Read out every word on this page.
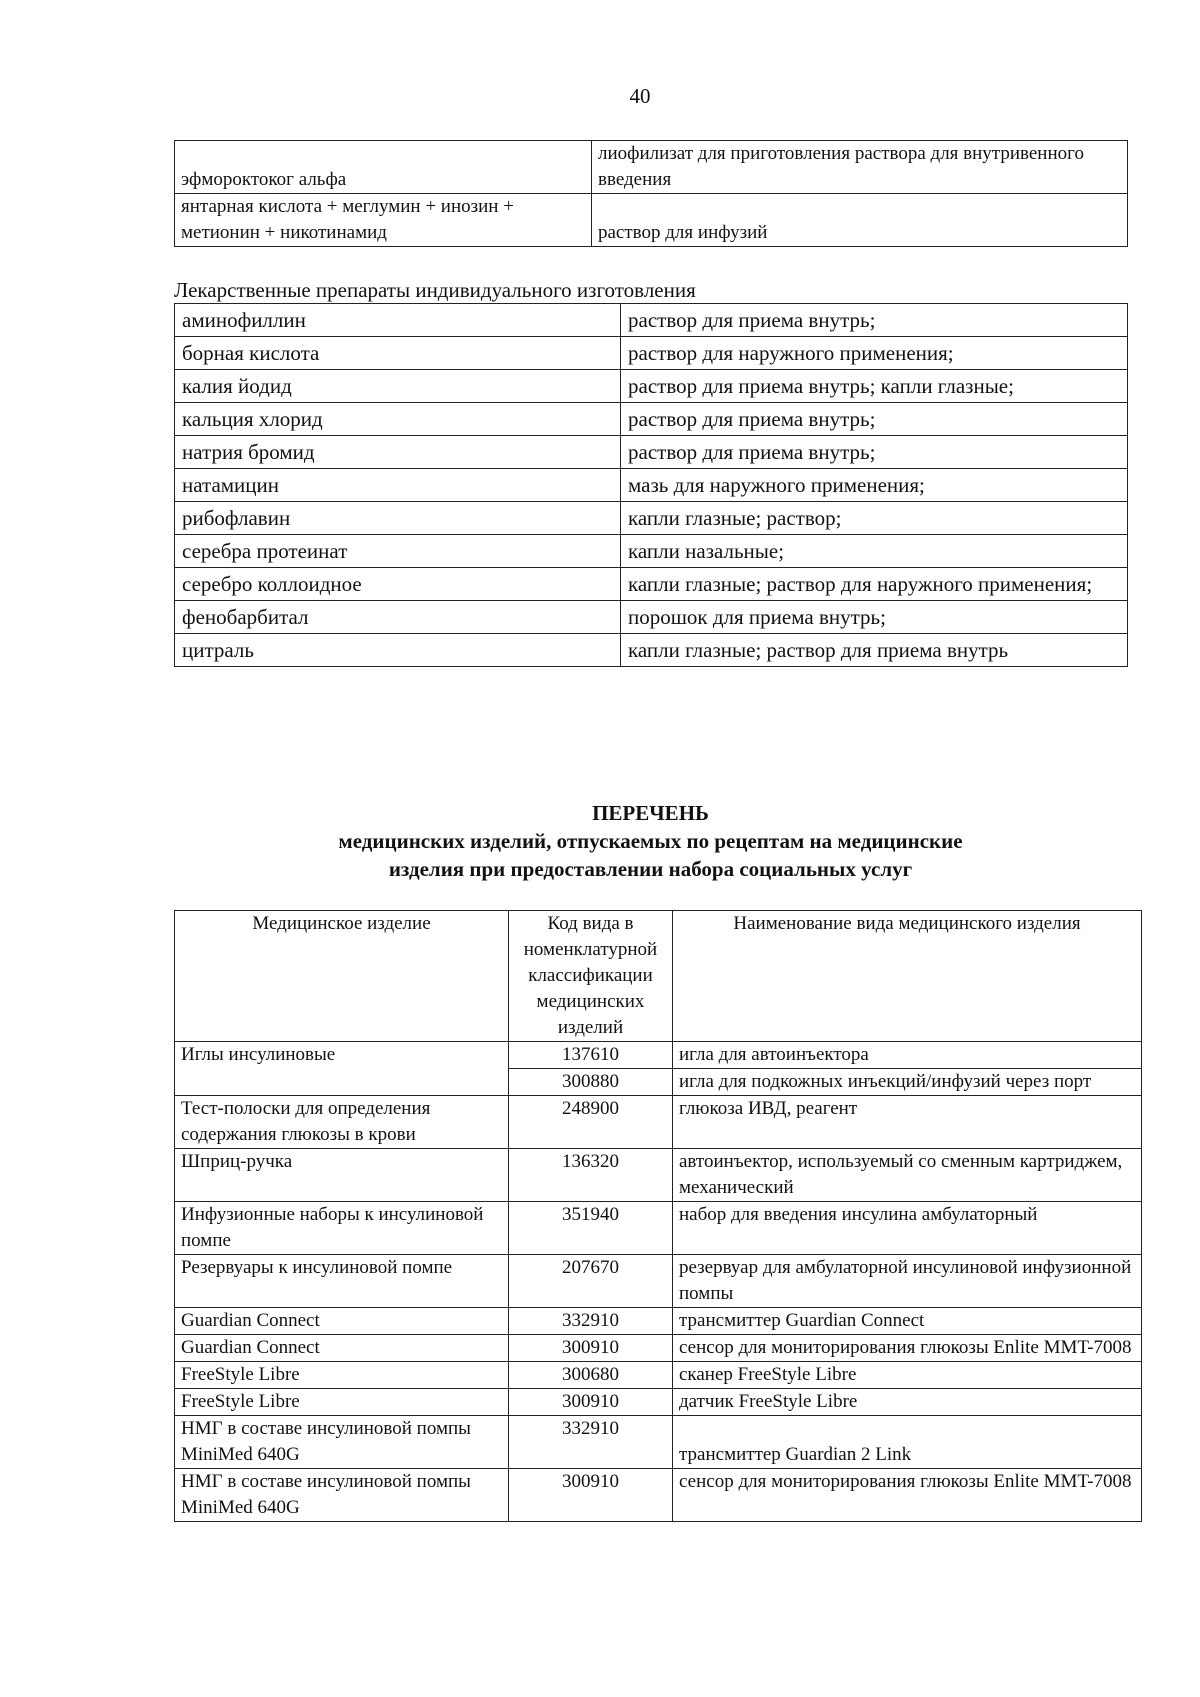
40
эфмороктоког альфа	лиофилизат для приготовления раствора для внутривенного введения
янтарная кислота + меглумин + инозин + метионин + никотинамид	раствор для инфузий
Лекарственные препараты индивидуального изготовления
аминофиллин	раствор для приема внутрь;
борная кислота	раствор для наружного применения;
калия йодид	раствор для приема внутрь; капли глазные;
кальция хлорид	раствор для приема внутрь;
натрия бромид	раствор для приема внутрь;
натамицин	мазь для наружного применения;
рибофлавин	капли глазные; раствор;
серебра протеинат	капли назальные;
серебро коллоидное	капли глазные; раствор для наружного применения;
фенобарбитал	порошок для приема внутрь;
цитраль	капли глазные; раствор для приема внутрь
ПЕРЕЧЕНЬ
медицинских изделий, отпускаемых по рецептам на медицинские
изделия при предоставлении набора социальных услуг
Медицинское изделие	Код вида в номенклатурной классификации медицинских изделий	Наименование вида медицинского изделия
Иглы инсулиновые	137610	игла для автоинъектора
	300880	игла для подкожных инъекций/инфузий через порт
Тест-полоски для определения содержания глюкозы в крови	248900	глюкоза ИВД, реагент
Шприц-ручка	136320	автоинъектор, используемый со сменным картриджем, механический
Инфузионные наборы к инсулиновой помпе	351940	набор для введения инсулина амбулаторный
Резервуары к инсулиновой помпе	207670	резервуар для амбулаторной инсулиновой инфузионной помпы
Guardian Connect	332910	трансмиттер Guardian Connect
Guardian Connect	300910	сенсор для мониторирования глюкозы Enlite MMT-7008
FreeStyle Libre	300680	сканер FreeStyle Libre
FreeStyle Libre	300910	датчик FreeStyle Libre
НМГ в составе инсулиновой помпы MiniMed 640G	332910	трансмиттер Guardian 2 Link
НМГ в составе инсулиновой помпы MiniMed 640G	300910	сенсор для мониторирования глюкозы Enlite MMT-7008
